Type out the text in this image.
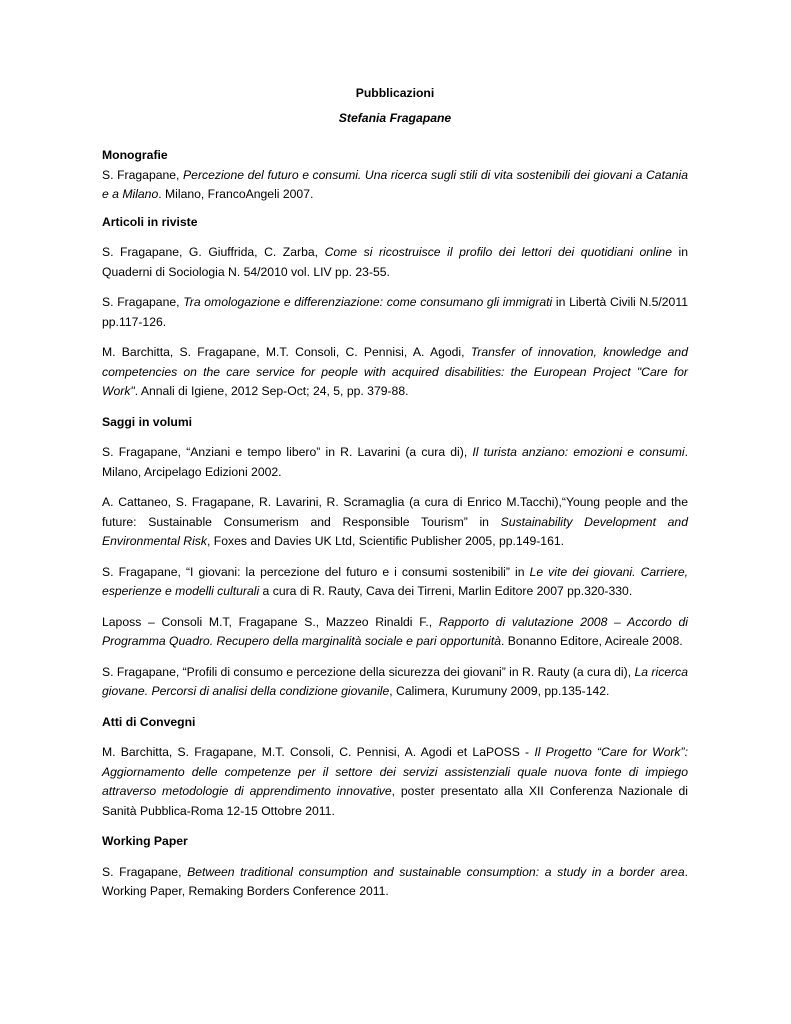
Pubblicazioni

Stefania Fragapane

Monografie

S. Fragapane, Percezione del futuro e consumi. Una ricerca sugli stili di vita sostenibili dei giovani a Catania e a Milano. Milano, FrancoAngeli 2007.

Articoli in riviste

S. Fragapane, G. Giuffrida, C. Zarba, Come si ricostruisce il profilo dei lettori dei quotidiani online in Quaderni di Sociologia N. 54/2010 vol. LIV pp. 23-55.

S. Fragapane, Tra omologazione e differenziazione: come consumano gli immigrati in Libertà Civili N.5/2011 pp.117-126.

M. Barchitta, S. Fragapane, M.T. Consoli, C. Pennisi, A. Agodi, Transfer of innovation, knowledge and competencies on the care service for people with acquired disabilities: the European Project "Care for Work". Annali di Igiene, 2012 Sep-Oct; 24, 5, pp. 379-88.

Saggi in volumi

S. Fragapane, “Anziani e tempo libero” in R. Lavarini (a cura di), Il turista anziano: emozioni e consumi. Milano, Arcipelago Edizioni 2002.

A. Cattaneo, S. Fragapane, R. Lavarini, R. Scramaglia (a cura di Enrico M.Tacchi),“Young people and the future: Sustainable Consumerism and Responsible Tourism” in Sustainability Development and Environmental Risk, Foxes and Davies UK Ltd, Scientific Publisher 2005, pp.149-161.

S. Fragapane, “I giovani: la percezione del futuro e i consumi sostenibili” in Le vite dei giovani. Carriere, esperienze e modelli culturali a cura di R. Rauty, Cava dei Tirreni, Marlin Editore 2007 pp.320-330.

Laposs – Consoli M.T, Fragapane S., Mazzeo Rinaldi F., Rapporto di valutazione 2008 – Accordo di Programma Quadro. Recupero della marginalità sociale e pari opportunità. Bonanno Editore, Acireale 2008.

S. Fragapane, “Profili di consumo e percezione della sicurezza dei giovani” in R. Rauty (a cura di), La ricerca giovane. Percorsi di analisi della condizione giovanile, Calimera, Kurumuny 2009, pp.135-142.

Atti di Convegni

M. Barchitta, S. Fragapane, M.T. Consoli, C. Pennisi, A. Agodi et LaPOSS - Il Progetto “Care for Work”: Aggiornamento delle competenze per il settore dei servizi assistenziali quale nuova fonte di impiego attraverso metodologie di apprendimento innovative, poster presentato alla XII Conferenza Nazionale di Sanità Pubblica-Roma 12-15 Ottobre 2011.

Working Paper

S. Fragapane, Between traditional consumption and sustainable consumption: a study in a border area. Working Paper, Remaking Borders Conference 2011.
